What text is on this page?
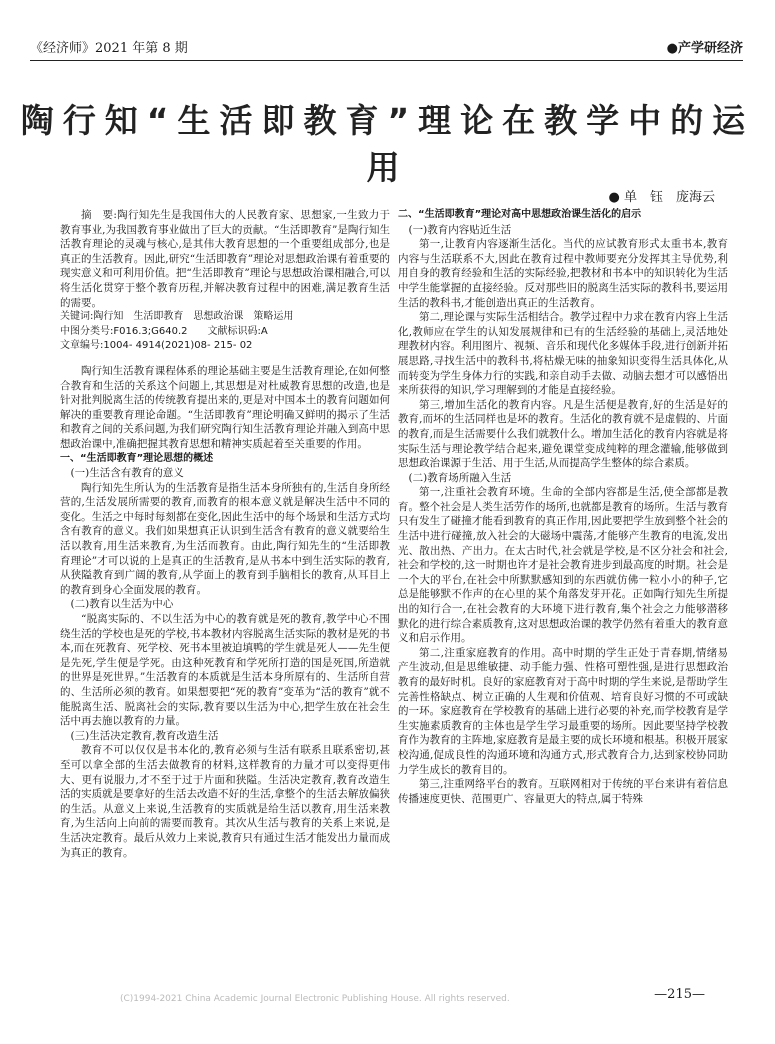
《经济师》2021 年第 8 期	●产学研经济
陶行知“生活即教育”理论在教学中的运用
● 单　钰　庞海云

摘　要:陶行知先生是我国伟大的人民教育家、思想家,一生致力于教育事业,为我国教育事业做出了巨大的贡献。“生活即教育”是陶行知生活教育理论的灵魂与核心,是其伟大教育思想的一个重要组成部分,也是真正的生活教育。因此,研究“生活即教育”理论对思想政治课有着重要的现实意义和可利用价值。把“生活即教育”理论与思想政治课相融合,可以将生活化贯穿于整个教育历程,并解决教育过程中的困难,满足教育生活的需要。

关键词:陶行知　生活即教育　思想政治课　策略运用

中图分类号:F016.3;G640.2　　文献标识码:A

文章编号:1004- 4914(2021)08- 215- 02

陶行知生活教育课程体系的理论基础主要是生活教育理论,在如何整合教育和生活的关系这个问题上,其思想是对杜威教育思想的改造,也是针对批判脱离生活的传统教育提出来的,更是对中国本土的教育问题如何解决的重要教育理论命题。“生活即教育”理论明确又鲜明的揭示了生活和教育之间的关系问题,为我们研究陶行知生活教育理论并融入到高中思想政治课中,准确把握其教育思想和精神实质起着至关重要的作用。

一、“生活即教育”理论思想的概述

(一)生活含有教育的意义

陶行知先生所认为的生活教育是指生活本身所独有的,生活自身所经营的,生活发展所需要的教育,而教育的根本意义就是解决生活中不同的变化。生活之中每时每刻都在变化,因此生活中的每个场景和生活方式均含有教育的意义。我们如果想真正认识到生活含有教育的意义就要给生活以教育,用生活来教育,为生活而教育。由此,陶行知先生的“生活即教育理论”才可以说的上是真正的生活教育,是从书本中到生活实际的教育,从狭隘教育到广阔的教育,从学面上的教育到手脑相长的教育,从耳目上的教育到身心全面发展的教育。

(二)教育以生活为中心

“脱离实际的、不以生活为中心的教育就是死的教育,教学中心不围绕生活的学校也是死的学校,书本教材内容脱离生活实际的教材是死的书本,而在死教育、死学校、死书本里被迫填鸭的学生就是死人——先生便是先死,学生便是学死。由这种死教育和学死所打造的国是死国,所造就的世界是死世界。”生活教育的本质就是生活本身所原有的、生活所自营的、生活所必须的教育。如果想要把“死的教育”变革为“活的教育”就不能脱离生活、脱离社会的实际,教育要以生活为中心,把学生放在社会生活中再去施以教育的力量。

(三)生活决定教育,教育改造生活

教育不可以仅仅是书本化的,教育必须与生活有联系且联系密切,甚至可以拿全部的生活去做教育的材料,这样教育的力量才可以变得更伟大、更有说服力,才不至于过于片面和狭隘。生活决定教育,教育改造生活的实质就是要拿好的生活去改造不好的生活,拿整个的生活去解放偏狭的生活。从意义上来说,生活教育的实质就是给生活以教育,用生活来教育,为生活向上向前的需要而教育。其次从生活与教育的关系上来说,是生活决定教育。最后从效力上来说,教育只有通过生活才能发出力量而成为真正的教育。

二、“生活即教育”理论对高中思想政治课生活化的启示

(一)教育内容贴近生活

第一,让教育内容逐渐生活化。当代的应试教育形式太重书本,教育内容与生活联系不大,因此在教育过程中教师要充分发挥其主导优势,利用自身的教育经验和生活的实际经验,把教材和书本中的知识转化为生活中学生能掌握的直接经验。反对那些旧的脱离生活实际的教科书,要运用生活的教科书,才能创造出真正的生活教育。

第二,理论课与实际生活相结合。教学过程中力求在教育内容上生活化,教师应在学生的认知发展规律和已有的生活经验的基础上,灵活地处理教材内容。利用图片、视频、音乐和现代化多媒体手段,进行创新并拓展思路,寻找生活中的教科书,将枯燥无味的抽象知识变得生活具体化,从而转变为学生身体力行的实践,和亲自动手去做、动脑去想才可以感悟出来所获得的知识,学习理解到的才能是直接经验。

第三,增加生活化的教育内容。凡是生活便是教育,好的生活是好的教育,而坏的生活同样也是坏的教育。生活化的教育就不是虚假的、片面的教育,而是生活需要什么我们就教什么。增加生活化的教育内容就是将实际生活与理论教学结合起来,避免课堂变成纯粹的理念灌输,能够做到思想政治课源于生活、用于生活,从而提高学生整体的综合素质。

(二)教育场所融入生活

第一,注重社会教育环境。生命的全部内容都是生活,使全部都是教育。整个社会是人类生活劳作的场所,也就都是教育的场所。生活与教育只有发生了碰撞才能看到教育的真正作用,因此要把学生放到整个社会的生活中进行碰撞,放入社会的大磁场中震荡,才能够产生教育的电流,发出光、散出热、产出力。在太古时代,社会就是学校,是不区分社会和社会,社会和学校的,这一时期也许才是社会教育进步到最高度的时期。社会是一个大的平台,在社会中所默默感知到的东西就仿佛一粒小小的种子,它总是能够默不作声的在心里的某个角落发芽开花。正如陶行知先生所提出的知行合一,在社会教育的大环境下进行教育,集个社会之力能够潜移默化的进行综合素质教育,这对思想政治课的教学仍然有着重大的教育意义和启示作用。

第二,注重家庭教育的作用。高中时期的学生正处于青春期,情绪易产生波动,但是思维敏捷、动手能力强、性格可塑性强,是进行思想政治教育的最好时机。良好的家庭教育对于高中时期的学生来说,是帮助学生完善性格缺点、树立正确的人生观和价值观、培育良好习惯的不可或缺的一环。家庭教育在学校教育的基础上进行必要的补充,而学校教育是学生实施素质教育的主体也是学生学习最重要的场所。因此要坚持学校教育作为教育的主阵地,家庭教育是最主要的成长环境和根基。积极开展家校沟通,促成良性的沟通环境和沟通方式,形式教育合力,达到家校协同助力学生成长的教育目的。

第三,注重网络平台的教育。互联网相对于传统的平台来讲有着信息传播速度更快、范围更广、容量更大的特点,属于特殊

(C)1994-2021 China Academic Journal Electronic Publishing House. All rights reserved.	—215—
